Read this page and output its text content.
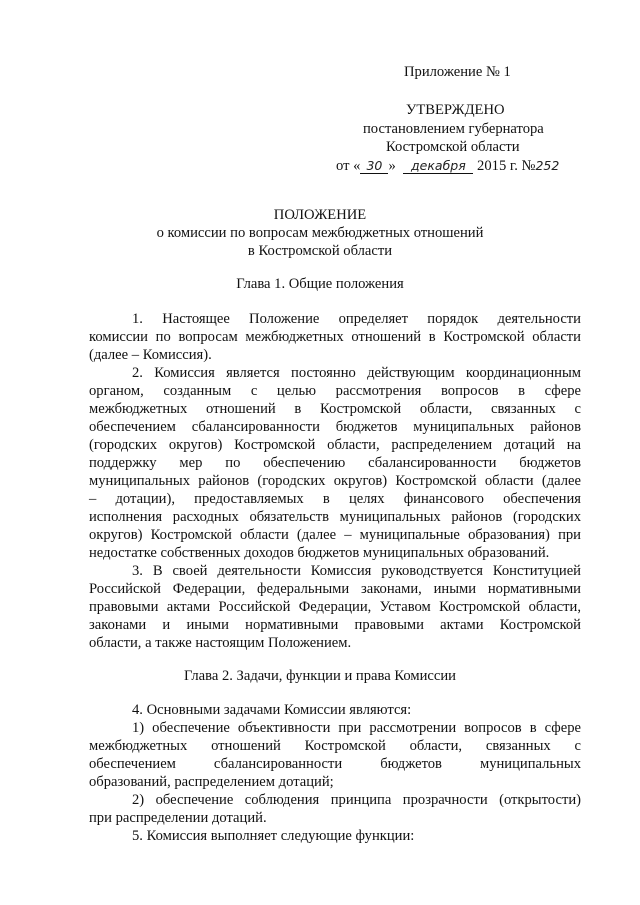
Приложение № 1
УТВЕРЖДЕНО
постановлением губернатора
Костромской области
от « 30 » декабря 2015 г. №252
ПОЛОЖЕНИЕ
о комиссии по вопросам межбюджетных отношений
в Костромской области
Глава 1. Общие положения
1. Настоящее Положение определяет порядок деятельности
комиссии по вопросам межбюджетных отношений в Костромской области
(далее – Комиссия).
2. Комиссия является постоянно действующим координационным
органом, созданным с целью рассмотрения вопросов в сфере
межбюджетных отношений в Костромской области, связанных с
обеспечением сбалансированности бюджетов муниципальных районов
(городских округов) Костромской области, распределением дотаций на
поддержку мер по обеспечению сбалансированности бюджетов
муниципальных районов (городских округов) Костромской области (далее
– дотации), предоставляемых в целях финансового обеспечения
исполнения расходных обязательств муниципальных районов (городских
округов) Костромской области (далее – муниципальные образования) при
недостатке собственных доходов бюджетов муниципальных образований.
3. В своей деятельности Комиссия руководствуется Конституцией
Российской Федерации, федеральными законами, иными нормативными
правовыми актами Российской Федерации, Уставом Костромской области,
законами и иными нормативными правовыми актами Костромской
области, а также настоящим Положением.
Глава 2. Задачи, функции и права Комиссии
4. Основными задачами Комиссии являются:
1) обеспечение объективности при рассмотрении вопросов в сфере
межбюджетных отношений Костромской области, связанных с
обеспечением сбалансированности бюджетов муниципальных
образований, распределением дотаций;
2) обеспечение соблюдения принципа прозрачности (открытости)
при распределении дотаций.
5. Комиссия выполняет следующие функции:
